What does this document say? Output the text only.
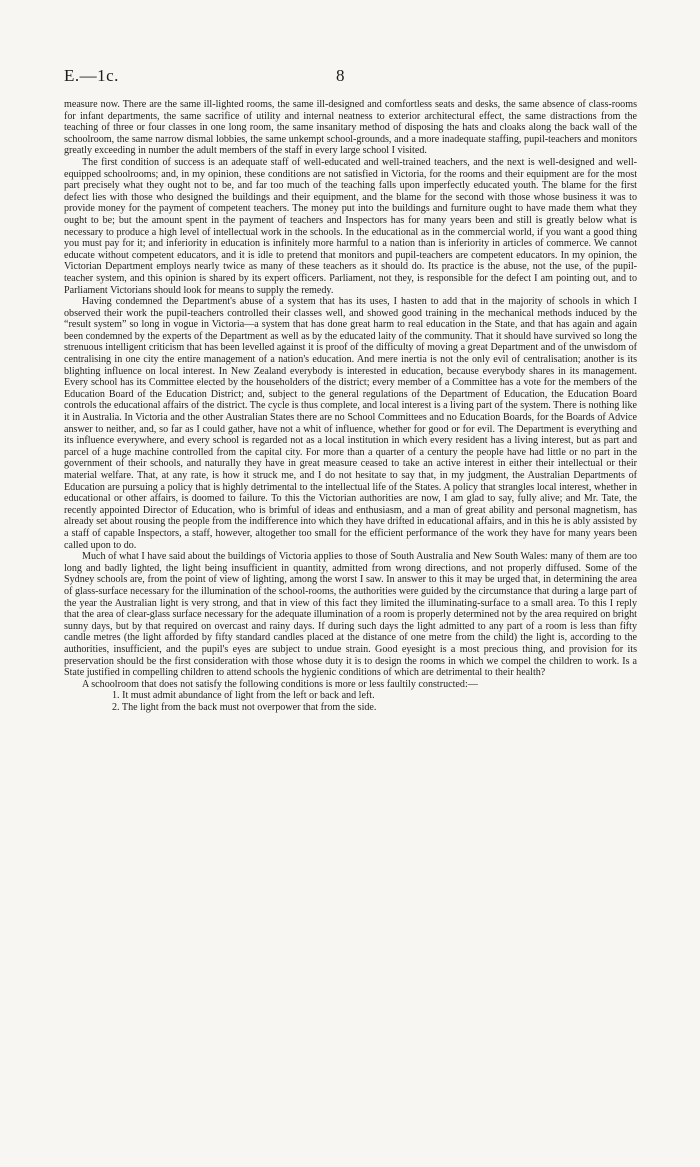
E.—1c.	8

measure now. There are the same ill-lighted rooms, the same ill-designed and comfortless seats and desks, the same absence of class-rooms for infant departments, the same sacrifice of utility and internal neatness to exterior architectural effect, the same distractions from the teaching of three or four classes in one long room, the same insanitary method of disposing the hats and cloaks along the back wall of the schoolroom, the same narrow dismal lobbies, the same unkempt school-grounds, and a more inadequate staffing, pupil-teachers and monitors greatly exceeding in number the adult members of the staff in every large school I visited.

The first condition of success is an adequate staff of well-educated and well-trained teachers, and the next is well-designed and well-equipped schoolrooms; and, in my opinion, these conditions are not satisfied in Victoria, for the rooms and their equipment are for the most part precisely what they ought not to be, and far too much of the teaching falls upon imperfectly educated youth. The blame for the first defect lies with those who designed the buildings and their equipment, and the blame for the second with those whose business it was to provide money for the payment of competent teachers. The money put into the buildings and furniture ought to have made them what they ought to be; but the amount spent in the payment of teachers and Inspectors has for many years been and still is greatly below what is necessary to produce a high level of intellectual work in the schools. In the educational as in the commercial world, if you want a good thing you must pay for it; and inferiority in education is infinitely more harmful to a nation than is inferiority in articles of commerce. We cannot educate without competent educators, and it is idle to pretend that monitors and pupil-teachers are competent educators. In my opinion, the Victorian Department employs nearly twice as many of these teachers as it should do. Its practice is the abuse, not the use, of the pupil-teacher system, and this opinion is shared by its expert officers. Parliament, not they, is responsible for the defect I am pointing out, and to Parliament Victorians should look for means to supply the remedy.

Having condemned the Department's abuse of a system that has its uses, I hasten to add that in the majority of schools in which I observed their work the pupil-teachers controlled their classes well, and showed good training in the mechanical methods induced by the “result system” so long in vogue in Victoria—a system that has done great harm to real education in the State, and that has again and again been condemned by the experts of the Department as well as by the educated laity of the community. That it should have survived so long the strenuous intelligent criticism that has been levelled against it is proof of the difficulty of moving a great Department and of the unwisdom of centralising in one city the entire management of a nation's education. And mere inertia is not the only evil of centralisation; another is its blighting influence on local interest. In New Zealand everybody is interested in education, because everybody shares in its management. Every school has its Committee elected by the householders of the district; every member of a Committee has a vote for the members of the Education Board of the Education District; and, subject to the general regulations of the Department of Education, the Education Board controls the educational affairs of the district. The cycle is thus complete, and local interest is a living part of the system. There is nothing like it in Australia. In Victoria and the other Australian States there are no School Committees and no Education Boards, for the Boards of Advice answer to neither, and, so far as I could gather, have not a whit of influence, whether for good or for evil. The Department is everything and its influence everywhere, and every school is regarded not as a local institution in which every resident has a living interest, but as part and parcel of a huge machine controlled from the capital city. For more than a quarter of a century the people have had little or no part in the government of their schools, and naturally they have in great measure ceased to take an active interest in either their intellectual or their material welfare. That, at any rate, is how it struck me, and I do not hesitate to say that, in my judgment, the Australian Departments of Education are pursuing a policy that is highly detrimental to the intellectual life of the States. A policy that strangles local interest, whether in educational or other affairs, is doomed to failure. To this the Victorian authorities are now, I am glad to say, fully alive; and Mr. Tate, the recently appointed Director of Education, who is brimful of ideas and enthusiasm, and a man of great ability and personal magnetism, has already set about rousing the people from the indifference into which they have drifted in educational affairs, and in this he is ably assisted by a staff of capable Inspectors, a staff, however, altogether too small for the efficient performance of the work they have for many years been called upon to do.

Much of what I have said about the buildings of Victoria applies to those of South Australia and New South Wales: many of them are too long and badly lighted, the light being insufficient in quantity, admitted from wrong directions, and not properly diffused. Some of the Sydney schools are, from the point of view of lighting, among the worst I saw. In answer to this it may be urged that, in determining the area of glass-surface necessary for the illumination of the school-rooms, the authorities were guided by the circumstance that during a large part of the year the Australian light is very strong, and that in view of this fact they limited the illuminating-surface to a small area. To this I reply that the area of clear-glass surface necessary for the adequate illumination of a room is properly determined not by the area required on bright sunny days, but by that required on overcast and rainy days. If during such days the light admitted to any part of a room is less than fifty candle metres (the light afforded by fifty standard candles placed at the distance of one metre from the child) the light is, according to the authorities, insufficient, and the pupil's eyes are subject to undue strain. Good eyesight is a most precious thing, and provision for its preservation should be the first consideration with those whose duty it is to design the rooms in which we compel the children to work. Is a State justified in compelling children to attend schools the hygienic conditions of which are detrimental to their health?

A schoolroom that does not satisfy the following conditions is more or less faultily constructed:—

1. It must admit abundance of light from the left or back and left.
2. The light from the back must not overpower that from the side.
